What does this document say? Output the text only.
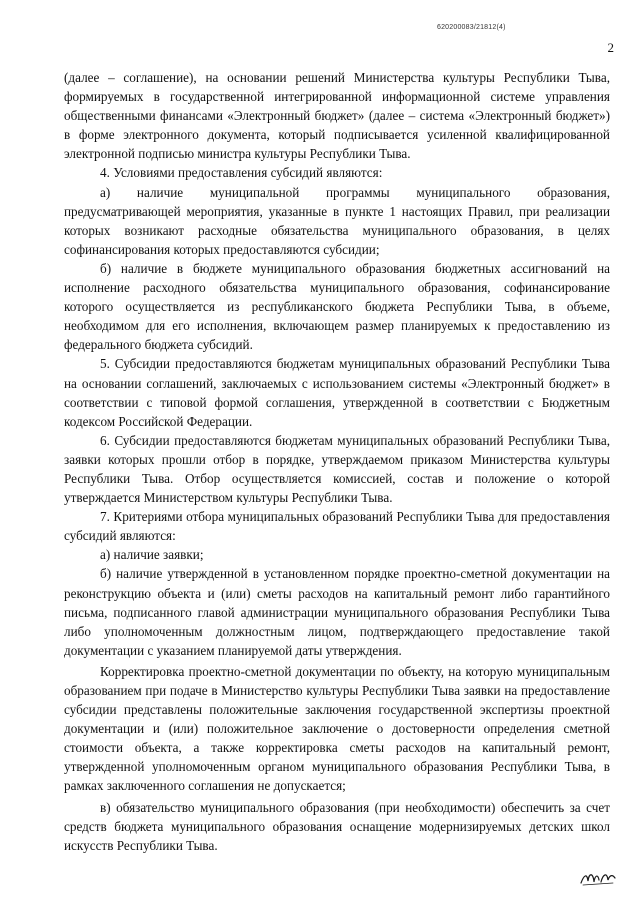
620200083/21812(4)
2

(далее – соглашение), на основании решений Министерства культуры Республики Тыва, формируемых в государственной интегрированной информационной системе управления общественными финансами «Электронный бюджет» (далее – система «Электронный бюджет») в форме электронного документа, который подписывается усиленной квалифицированной электронной подписью министра культуры Республики Тыва.

4. Условиями предоставления субсидий являются:

а) наличие муниципальной программы муниципального образования, предусматривающей мероприятия, указанные в пункте 1 настоящих Правил, при реализации которых возникают расходные обязательства муниципального образования, в целях софинансирования которых предоставляются субсидии;

б) наличие в бюджете муниципального образования бюджетных ассигнований на исполнение расходного обязательства муниципального образования, софинансирование которого осуществляется из республиканского бюджета Республики Тыва, в объеме, необходимом для его исполнения, включающем размер планируемых к предоставлению из федерального бюджета субсидий.

5. Субсидии предоставляются бюджетам муниципальных образований Республики Тыва на основании соглашений, заключаемых с использованием системы «Электронный бюджет» в соответствии с типовой формой соглашения, утвержденной в соответствии с Бюджетным кодексом Российской Федерации.

6. Субсидии предоставляются бюджетам муниципальных образований Республики Тыва, заявки которых прошли отбор в порядке, утверждаемом приказом Министерства культуры Республики Тыва. Отбор осуществляется комиссией, состав и положение о которой утверждается Министерством культуры Республики Тыва.

7. Критериями отбора муниципальных образований Республики Тыва для предоставления субсидий являются:

а) наличие заявки;

б) наличие утвержденной в установленном порядке проектно-сметной документации на реконструкцию объекта и (или) сметы расходов на капитальный ремонт либо гарантийного письма, подписанного главой администрации муниципального образования Республики Тыва либо уполномоченным должностным лицом, подтверждающего предоставление такой документации с указанием планируемой даты утверждения.

Корректировка проектно-сметной документации по объекту, на которую муниципальным образованием при подаче в Министерство культуры Республики Тыва заявки на предоставление субсидии представлены положительные заключения государственной экспертизы проектной документации и (или) положительное заключение о достоверности определения сметной стоимости объекта, а также корректировка сметы расходов на капитальный ремонт, утвержденной уполномоченным органом муниципального образования Республики Тыва, в рамках заключенного соглашения не допускается;

в) обязательство муниципального образования (при необходимости) обеспечить за счет средств бюджета муниципального образования оснащение модернизируемых детских школ искусств Республики Тыва.
